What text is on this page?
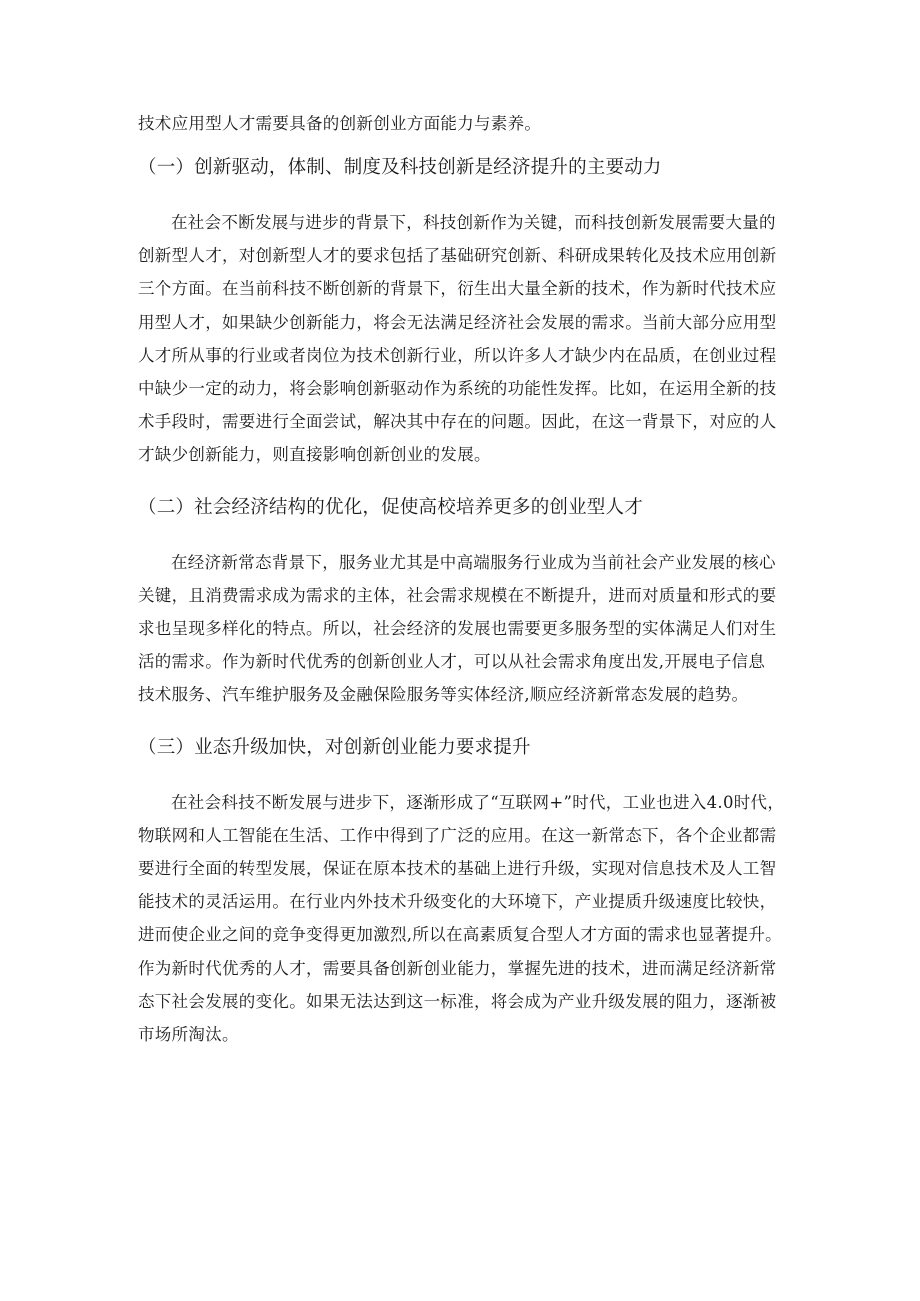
技术应用型人才需要具备的创新创业方面能力与素养。
（一）创新驱动，体制、制度及科技创新是经济提升的主要动力
在社会不断发展与进步的背景下，科技创新作为关键，而科技创新发展需要大量的
创新型人才，对创新型人才的要求包括了基础研究创新、科研成果转化及技术应用创新
三个方面。在当前科技不断创新的背景下，衍生出大量全新的技术，作为新时代技术应
用型人才，如果缺少创新能力，将会无法满足经济社会发展的需求。当前大部分应用型
人才所从事的行业或者岗位为技术创新行业，所以许多人才缺少内在品质，在创业过程
中缺少一定的动力，将会影响创新驱动作为系统的功能性发挥。比如，在运用全新的技
术手段时，需要进行全面尝试，解决其中存在的问题。因此，在这一背景下，对应的人
才缺少创新能力，则直接影响创新创业的发展。
（二）社会经济结构的优化，促使高校培养更多的创业型人才
在经济新常态背景下，服务业尤其是中高端服务行业成为当前社会产业发展的核心
关键，且消费需求成为需求的主体，社会需求规模在不断提升，进而对质量和形式的要
求也呈现多样化的特点。所以，社会经济的发展也需要更多服务型的实体满足人们对生
活的需求。作为新时代优秀的创新创业人才，可以从社会需求角度出发,开展电子信息
技术服务、汽车维护服务及金融保险服务等实体经济,顺应经济新常态发展的趋势。
（三）业态升级加快，对创新创业能力要求提升
在社会科技不断发展与进步下，逐渐形成了“互联网+”时代，工业也进入4.0时代，
物联网和人工智能在生活、工作中得到了广泛的应用。在这一新常态下，各个企业都需
要进行全面的转型发展，保证在原本技术的基础上进行升级，实现对信息技术及人工智
能技术的灵活运用。在行业内外技术升级变化的大环境下，产业提质升级速度比较快，
进而使企业之间的竞争变得更加激烈,所以在高素质复合型人才方面的需求也显著提升。
作为新时代优秀的人才，需要具备创新创业能力，掌握先进的技术，进而满足经济新常
态下社会发展的变化。如果无法达到这一标准，将会成为产业升级发展的阻力，逐渐被
市场所淘汰。
